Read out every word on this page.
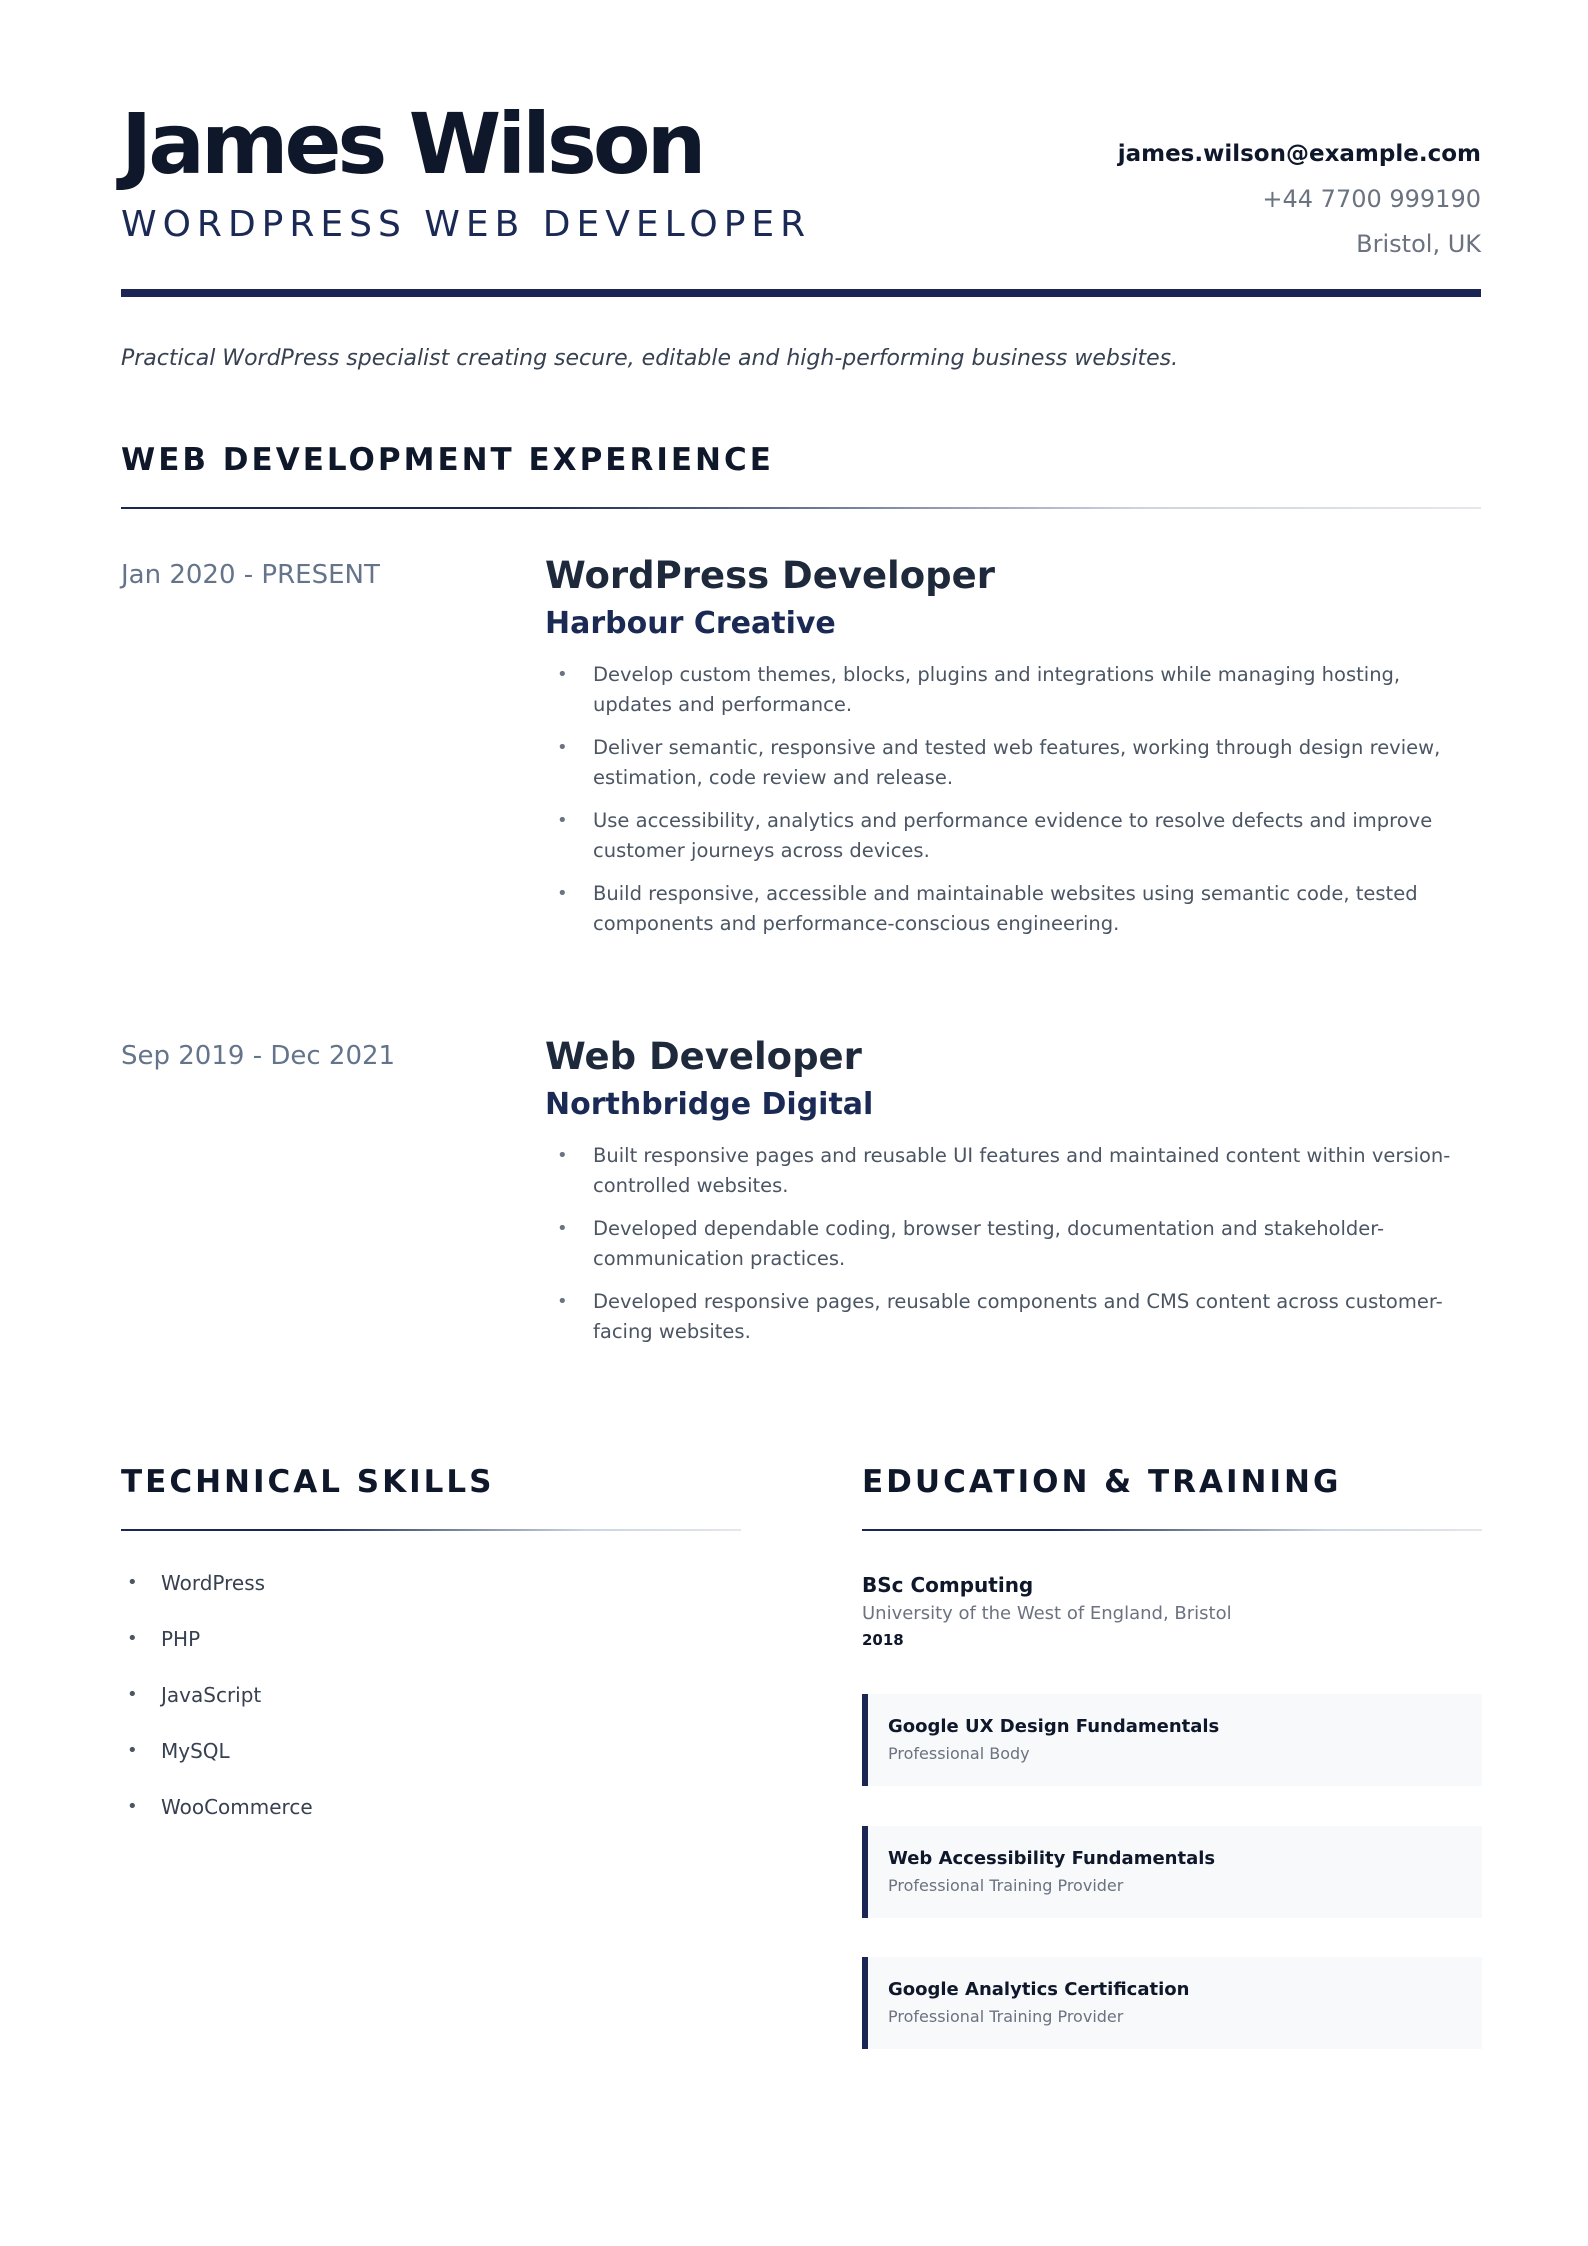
James Wilson
WORDPRESS WEB DEVELOPER
james.wilson@example.com
+44 7700 999190
Bristol, UK
Practical WordPress specialist creating secure, editable and high-performing business websites.
WEB DEVELOPMENT EXPERIENCE
Jan 2020 - PRESENT	WordPress Developer
Harbour Creative
• Develop custom themes, blocks, plugins and integrations while managing hosting, updates and performance.
• Deliver semantic, responsive and tested web features, working through design review, estimation, code review and release.
• Use accessibility, analytics and performance evidence to resolve defects and improve customer journeys across devices.
• Build responsive, accessible and maintainable websites using semantic code, tested components and performance-conscious engineering.
Sep 2019 - Dec 2021	Web Developer
Northbridge Digital
• Built responsive pages and reusable UI features and maintained content within version-controlled websites.
• Developed dependable coding, browser testing, documentation and stakeholder-communication practices.
• Developed responsive pages, reusable components and CMS content across customer-facing websites.
TECHNICAL SKILLS
• WordPress
• PHP
• JavaScript
• MySQL
• WooCommerce
EDUCATION & TRAINING
BSc Computing
University of the West of England, Bristol
2018
Google UX Design Fundamentals
Professional Body
Web Accessibility Fundamentals
Professional Training Provider
Google Analytics Certification
Professional Training Provider
